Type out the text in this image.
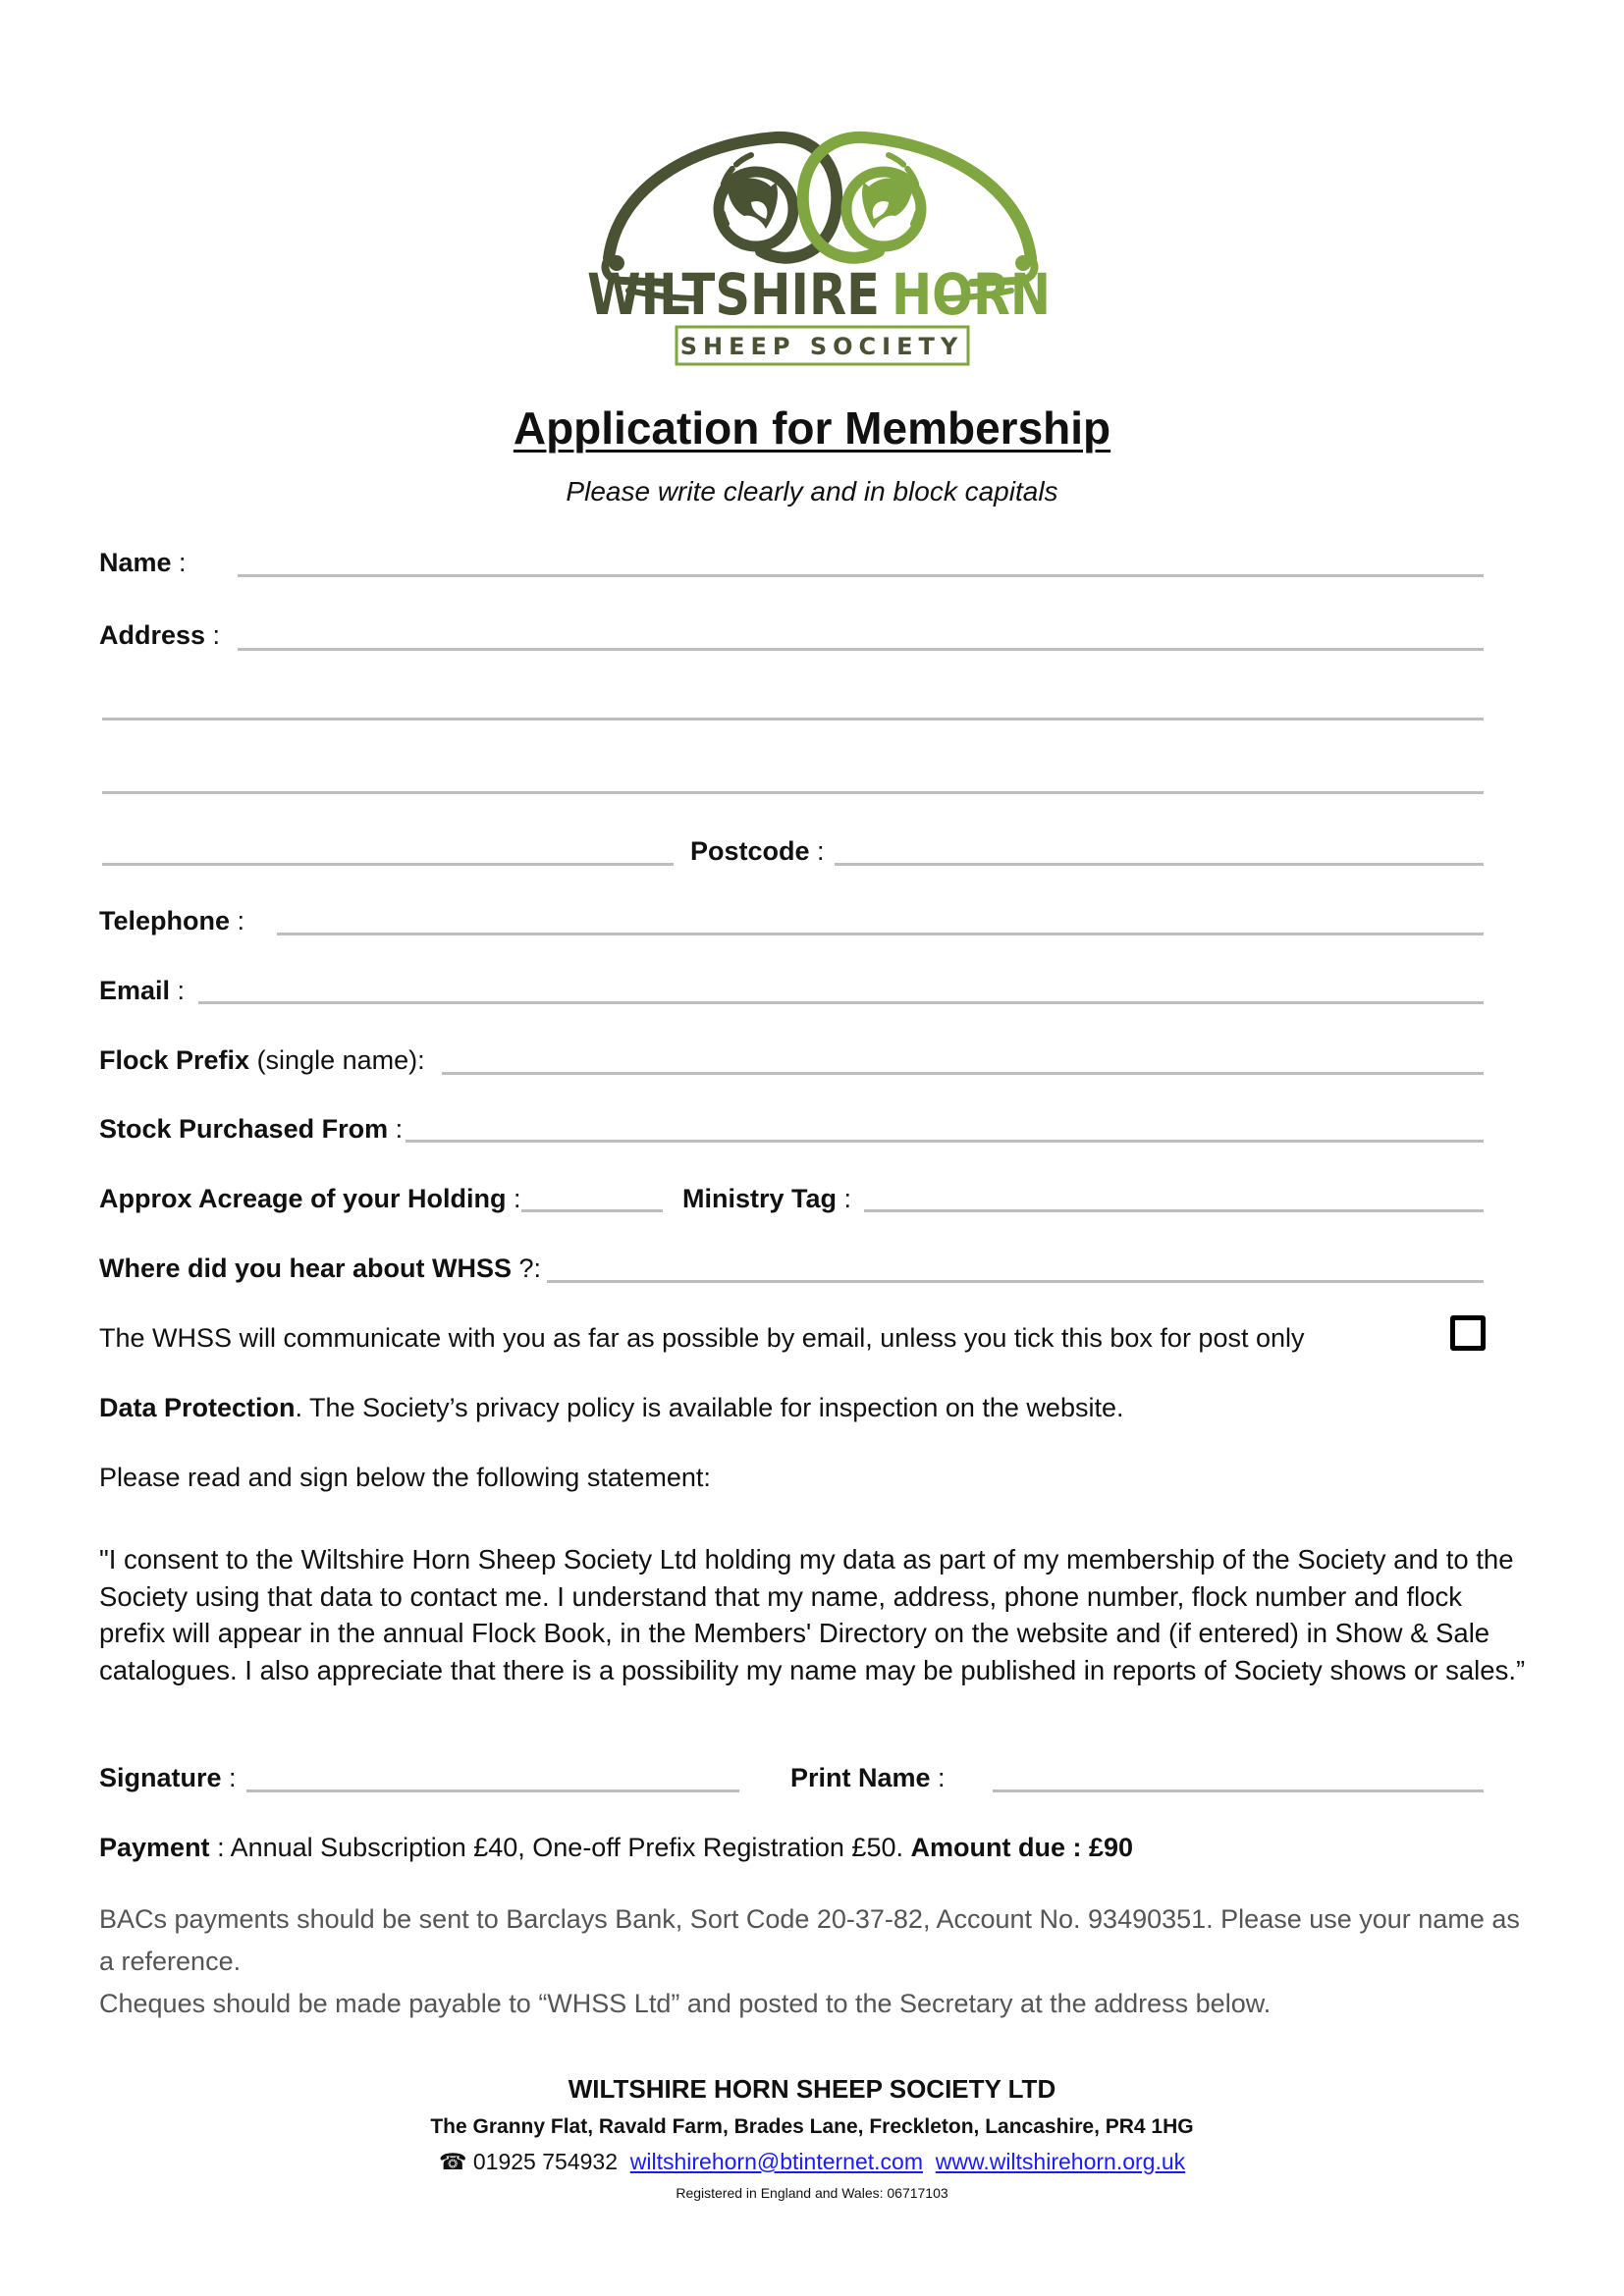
WILTSHIRE HORN
SHEEP SOCIETY
Application for Membership
Please write clearly and in block capitals
Name :
Address :
Postcode :
Telephone :
Email :
Flock Prefix (single name):
Stock Purchased From :
Approx Acreage of your Holding :	Ministry Tag :
Where did you hear about WHSS ?:
The WHSS will communicate with you as far as possible by email, unless you tick this box for post only
Data Protection. The Society’s privacy policy is available for inspection on the website.
Please read and sign below the following statement:
"I consent to the Wiltshire Horn Sheep Society Ltd holding my data as part of my membership of the Society and to the Society using that data to contact me. I understand that my name, address, phone number, flock number and flock prefix will appear in the annual Flock Book, in the Members' Directory on the website and (if entered) in Show & Sale catalogues. I also appreciate that there is a possibility my name may be published in reports of Society shows or sales.”
Signature :	Print Name :
Payment : Annual Subscription £40, One-off Prefix Registration £50. Amount due : £90
BACs payments should be sent to Barclays Bank, Sort Code 20-37-82, Account No. 93490351. Please use your name as a reference.
Cheques should be made payable to “WHSS Ltd” and posted to the Secretary at the address below.
WILTSHIRE HORN SHEEP SOCIETY LTD
The Granny Flat, Ravald Farm, Brades Lane, Freckleton, Lancashire, PR4 1HG
☎ 01925 754932 wiltshirehorn@btinternet.com www.wiltshirehorn.org.uk
Registered in England and Wales: 06717103
